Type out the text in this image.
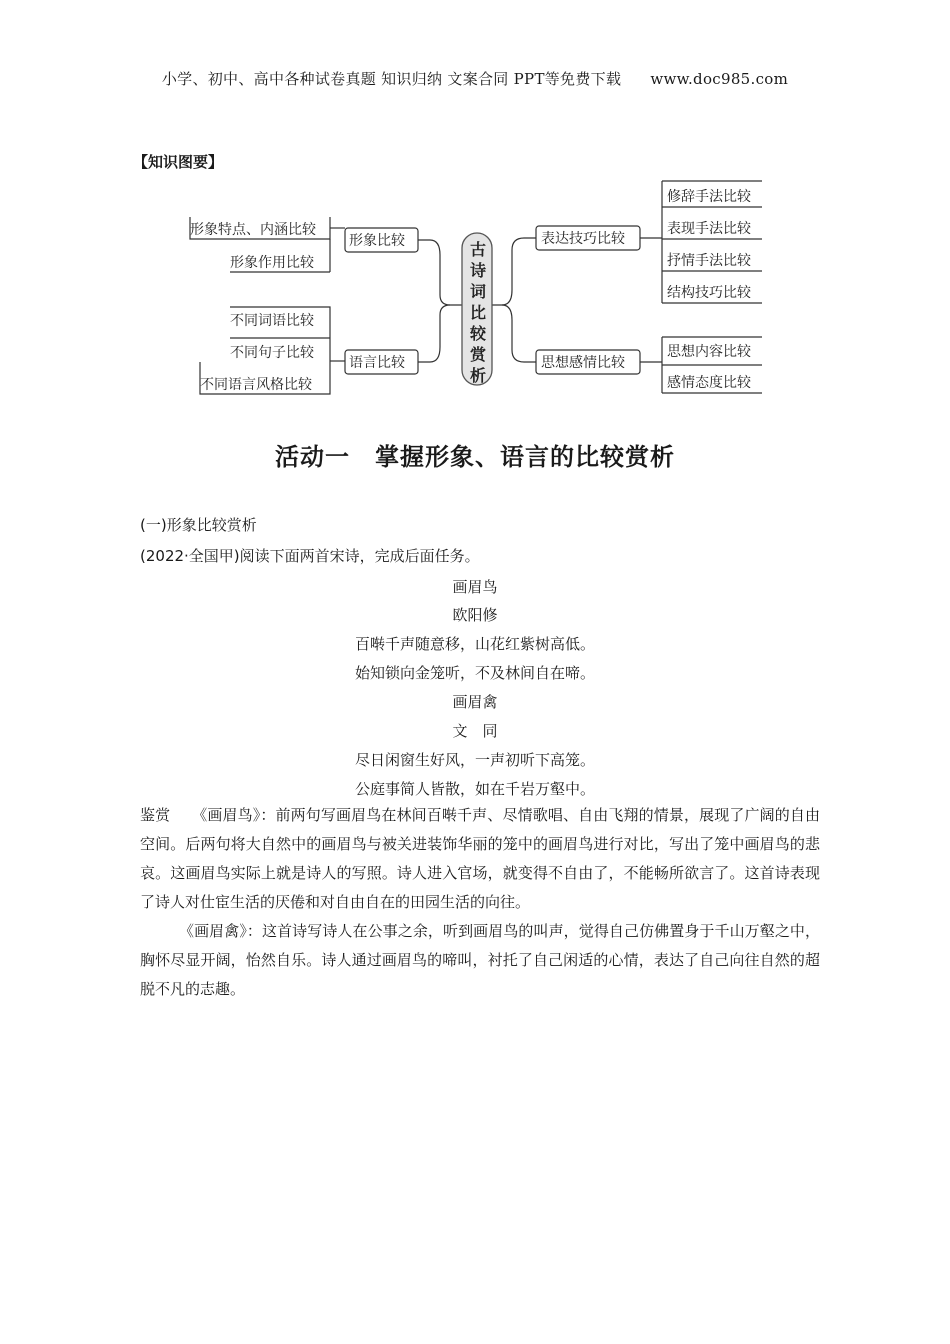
小学、初中、高中各种试卷真题 知识归纳 文案合同 PPT等免费下载 www.doc985.com
【知识图要】
形象特点、内涵比较
形象作用比较
不同词语比较
不同句子比较
不同语言风格比较
形象比较
语言比较
古
诗
词
比
较
赏
析
表达技巧比较
思想感情比较
修辞手法比较
表现手法比较
抒情手法比较
结构技巧比较
思想内容比较
感情态度比较
活动一　掌握形象、语言的比较赏析
(一)形象比较赏析
(2022·全国甲)阅读下面两首宋诗，完成后面任务。
画眉鸟
欧阳修
百啭千声随意移，山花红紫树高低。
始知锁向金笼听，不及林间自在啼。
画眉禽
文　同
尽日闲窗生好风，一声初听下高笼。
公庭事简人皆散，如在千岩万壑中。

鉴赏 《画眉鸟》：前两句写画眉鸟在林间百啭千声、尽情歌唱、自由飞翔的情景，展现了广阔的自由空间。后两句将大自然中的画眉鸟与被关进装饰华丽的笼中的画眉鸟进行对比，写出了笼中画眉鸟的悲哀。这画眉鸟实际上就是诗人的写照。诗人进入官场，就变得不自由了，不能畅所欲言了。这首诗表现了诗人对仕宦生活的厌倦和对自由自在的田园生活的向往。

《画眉禽》：这首诗写诗人在公事之余，听到画眉鸟的叫声，觉得自己仿佛置身于千山万壑之中，胸怀尽显开阔，怡然自乐。诗人通过画眉鸟的啼叫，衬托了自己闲适的心情，表达了自己向往自然的超脱不凡的志趣。
